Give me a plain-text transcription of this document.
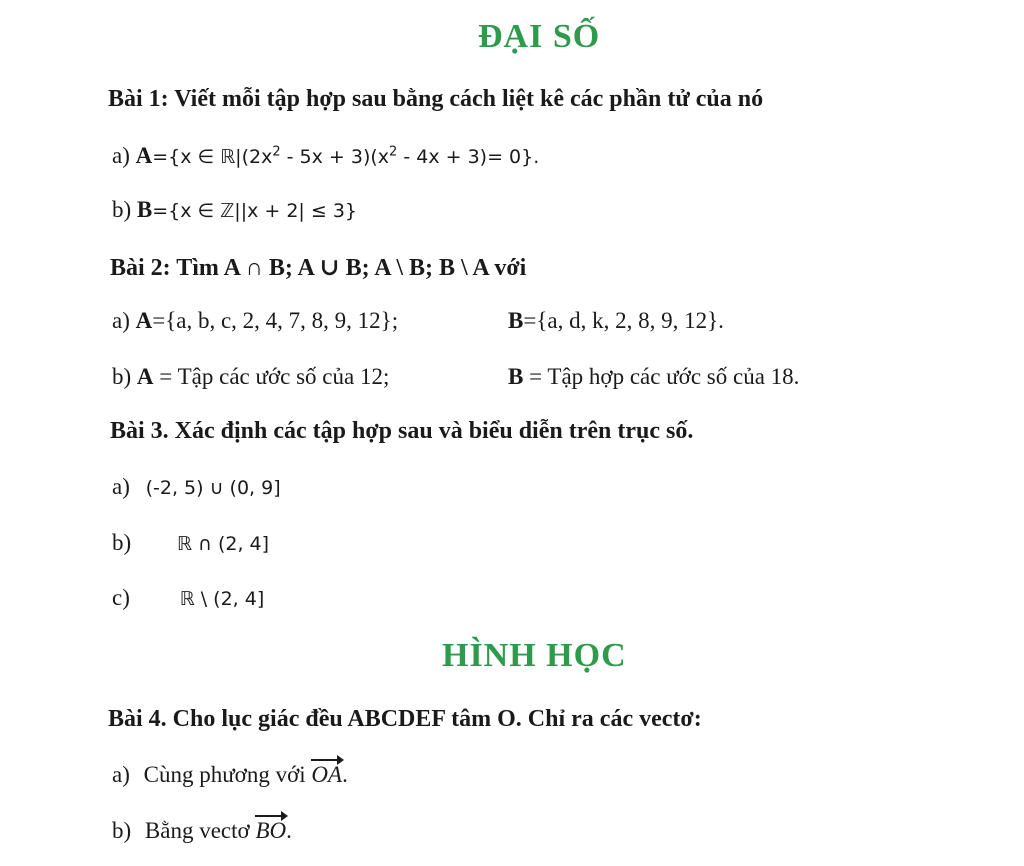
ĐẠI SỐ
Bài 1: Viết mỗi tập hợp sau bằng cách liệt kê các phần tử của nó
a) A={x ∈ $ℝ|(2x^2 - 5x + 3)(x^2 - 4x + 3)= 0$}.
b) B={x ∈ ℤ||x + 2| ≤ 3}
Bài 2: Tìm A ∩ B; A ∪ B; A \ B; B \ A với
a) A={a, b, c, 2, 4, 7, 8, 9, 12};	B={a, d, k, 2, 8, 9, 12}.
b) A = Tập các ước số của 12;	B = Tập hợp các ước số của 18.
Bài 3. Xác định các tập hợp sau và biểu diễn trên trục số.
a) (-2, 5) ∪ (0, 9]
b) ℝ ∩ (2, 4]
c)	ℝ \ (2, 4]
HÌNH HỌC
Bài 4. Cho lục giác đều ABCDEF tâm O. Chỉ ra các vectơ:
a) Cùng phương với
OA.
b) Bằng vectơ
BO.
